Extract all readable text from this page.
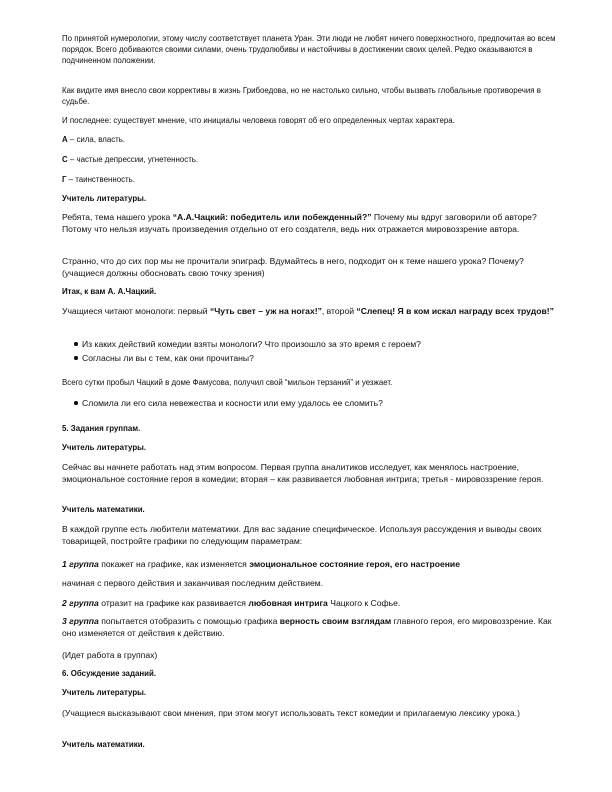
По принятой нумерологии, этому числу соответствует планета Уран. Эти люди не любят ничего поверхностного, предпочитая во всем порядок. Всего добиваются своими силами, очень трудолюбивы и настойчивы в достижении своих целей. Редко оказываются в подчиненном положении.

Как видите имя внесло свои коррективы в жизнь Грибоедова, но не настолько сильно, чтобы вызвать глобальные противоречия в судьбе.

И последнее: существует мнение, что инициалы человека говорят об его определенных чертах характера.

А – сила, власть.

С – частые депрессии, угнетенность.

Г – таинственность.

Учитель литературы.

Ребята, тема нашего урока “А.А.Чацкий: победитель или побежденный?” Почему мы вдруг заговорили об авторе? Потому что нельзя изучать произведения отдельно от его создателя, ведь них отражается мировоззрение автора.

Странно, что до сих пор мы не прочитали эпиграф. Вдумайтесь в него, подходит он к теме нашего урока? Почему? (учащиеся должны обосновать свою точку зрения)

Итак, к вам А. А.Чацкий.

Учащиеся читают монологи: первый “Чуть свет – уж на ногах!”, второй “Слепец! Я в ком искал награду всех трудов!”

Из каких действий комедии взяты монологи? Что произошло за это время с героем?
Согласны ли вы с тем, как они прочитаны?

Всего сутки пробыл Чацкий в доме Фамусова, получил свой “мильон терзаний” и уезжает.

Сломила ли его сила невежества и косности или ему удалось ее сломить?

5. Задания группам.

Учитель литературы.

Сейчас вы начнете работать над этим вопросом. Первая группа аналитиков исследует, как менялось настроение, эмоциональное состояние героя в комедии; вторая – как развивается любовная интрига; третья - мировоззрение героя.

Учитель математики.

В каждой группе есть любители математики. Для вас задание специфическое. Используя рассуждения и выводы своих товарищей, постройте графики по следующим параметрам:

1 группа покажет на графике, как изменяется эмоциональное состояние героя, его настроение

начиная с первого действия и заканчивая последним действием.

2 группа отразит на графике как развивается любовная интрига Чацкого к Софье.

3 группа попытается отобразить с помощью графика верность своим взглядам главного героя, его мировоззрение. Как оно изменяется от действия к действию.

(Идет работа в группах)

6. Обсуждение заданий.

Учитель литературы.

(Учащиеся высказывают свои мнения, при этом могут использовать текст комедии и прилагаемую лексику урока.)

Учитель математики.
